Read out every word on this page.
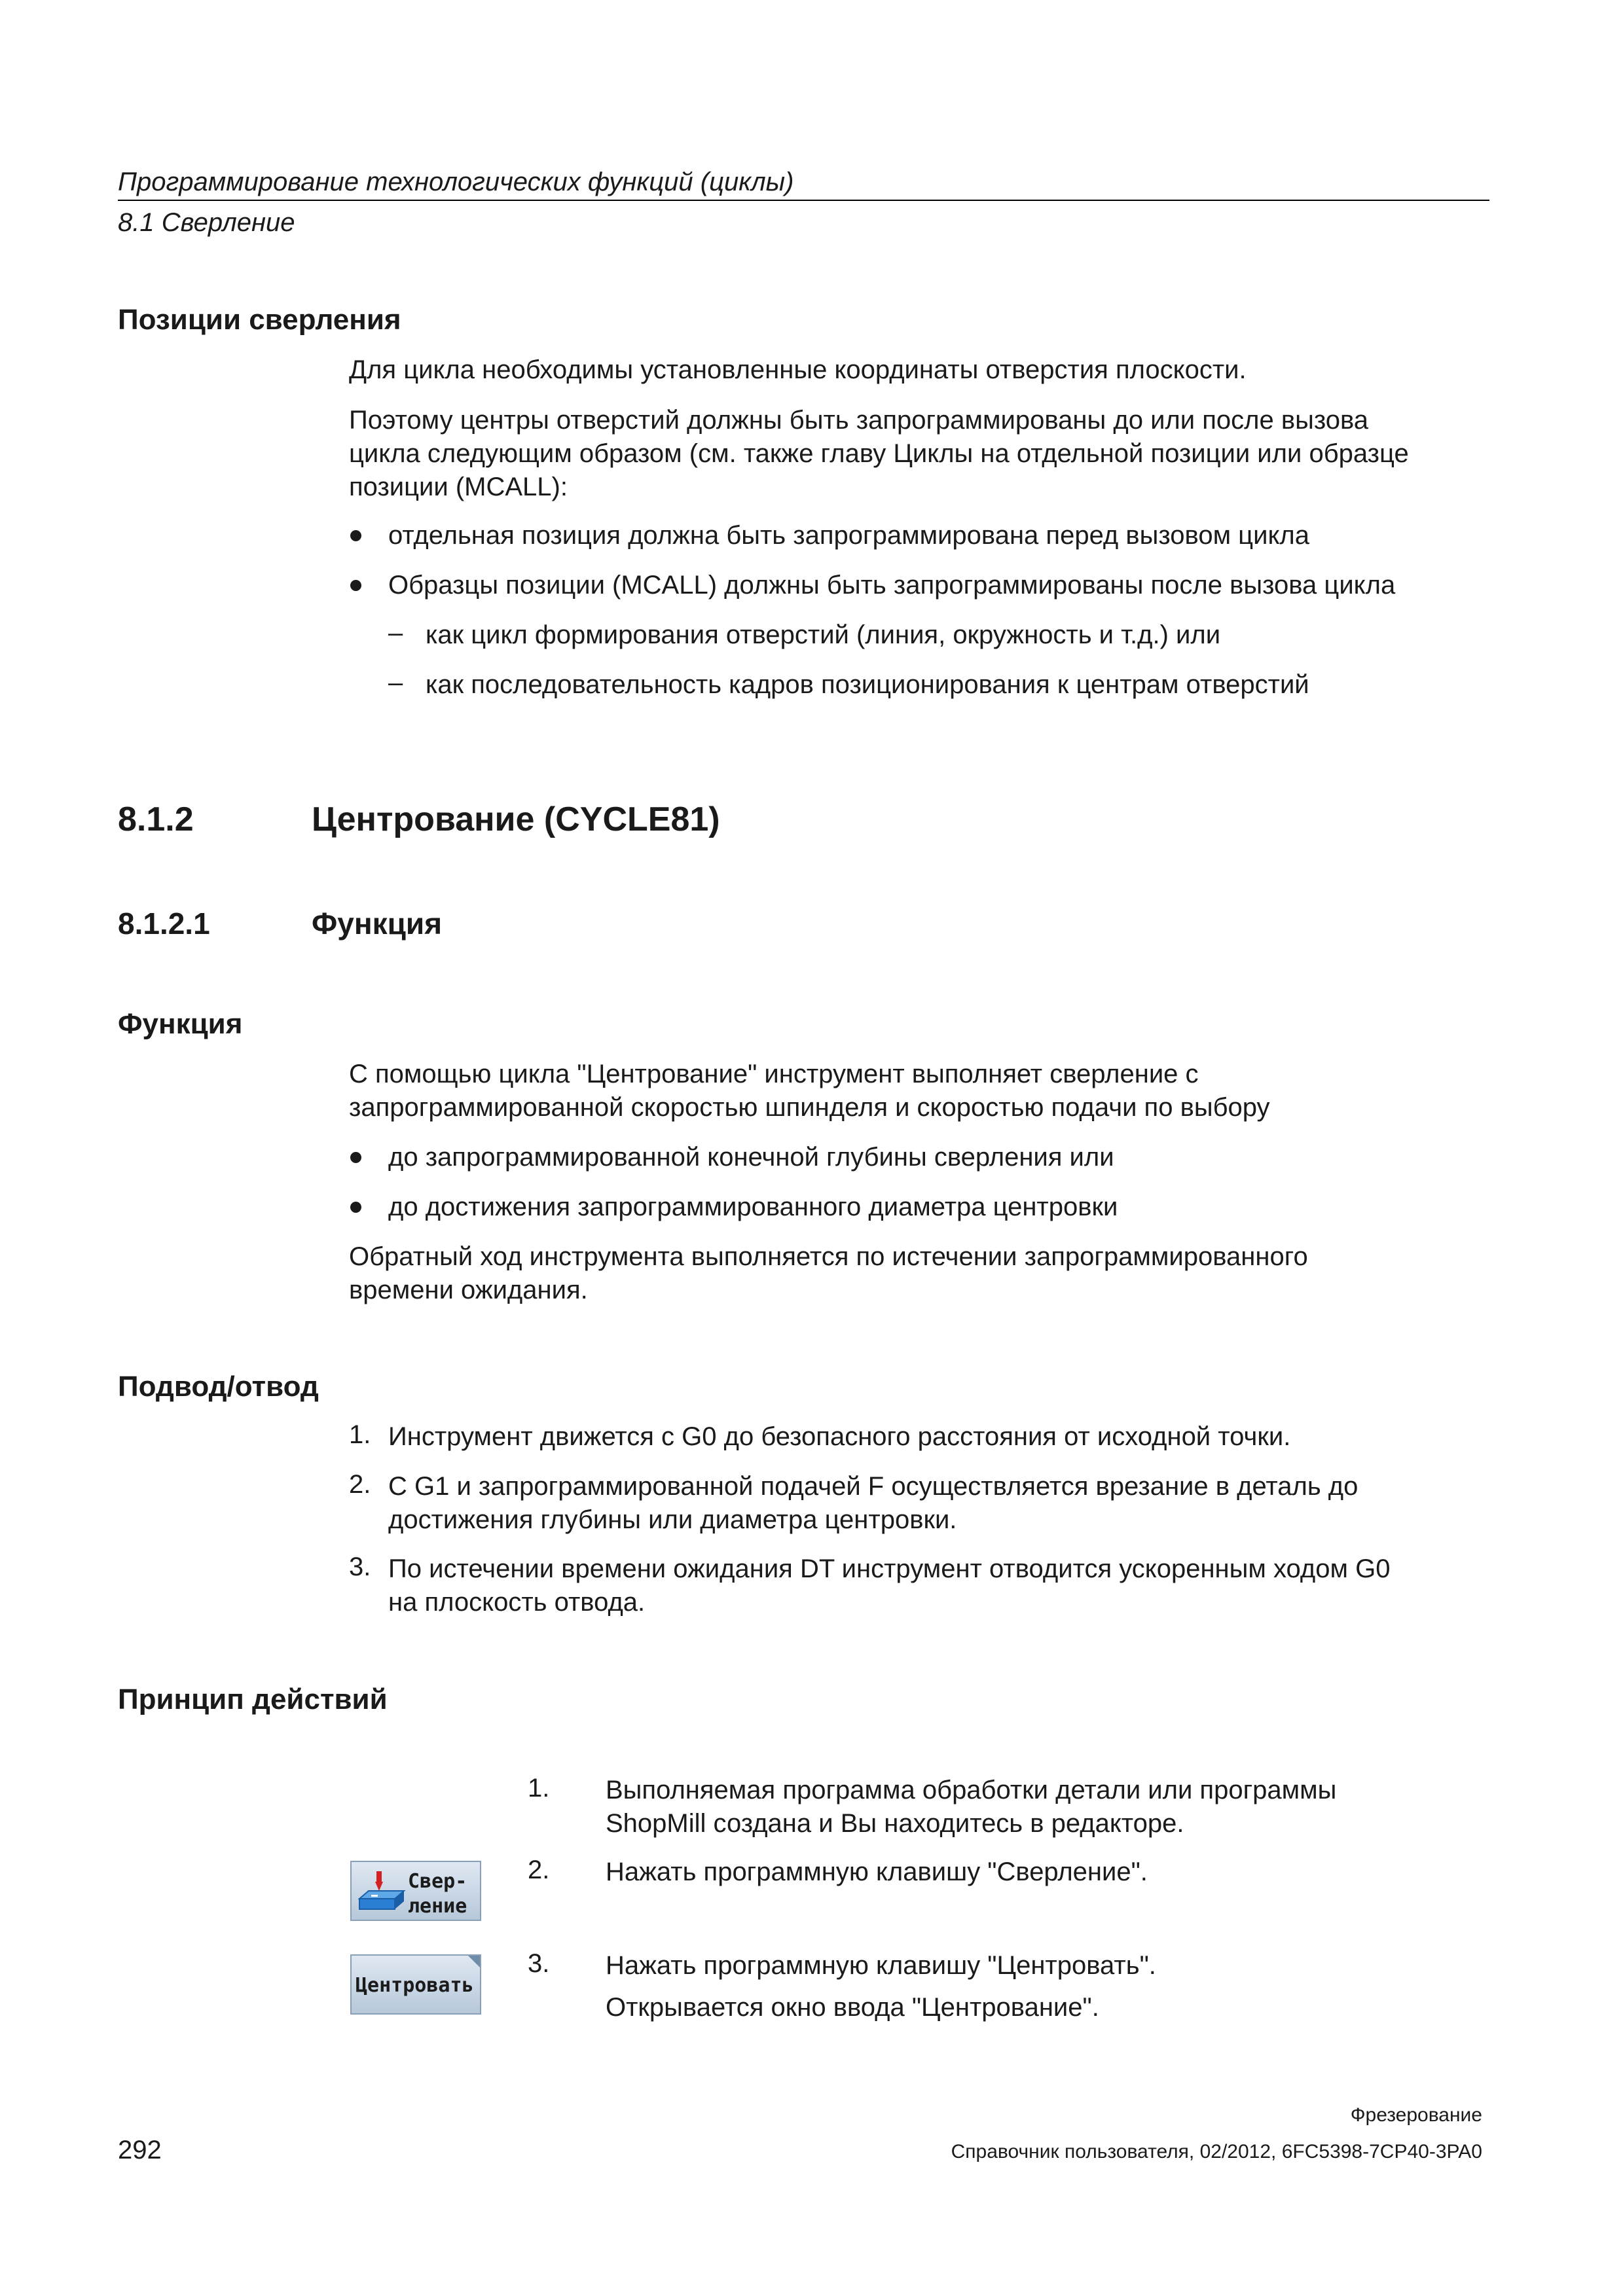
Программирование технологических функций (циклы)
8.1 Сверление
Позиции сверления
Для цикла необходимы установленные координаты отверстия плоскости.
Поэтому центры отверстий должны быть запрограммированы до или после вызова
цикла следующим образом (см. также главу Циклы на отдельной позиции или образце
позиции (MCALL):
отдельная позиция должна быть запрограммирована перед вызовом цикла
Образцы позиции (MCALL) должны быть запрограммированы после вызова цикла
– как цикл формирования отверстий (линия, окружность и т.д.) или
– как последовательность кадров позиционирования к центрам отверстий
8.1.2	Центрование (CYCLE81)
8.1.2.1	Функция
Функция
С помощью цикла "Центрование" инструмент выполняет сверление с
запрограммированной скоростью шпинделя и скоростью подачи по выбору
до запрограммированной конечной глубины сверления или
до достижения запрограммированного диаметра центровки
Обратный ход инструмента выполняется по истечении запрограммированного
времени ожидания.
Подвод/отвод
1. Инструмент движется с G0 до безопасного расстояния от исходной точки.
2. С G1 и запрограммированной подачей F осуществляется врезание в деталь до
достижения глубины или диаметра центровки.
3. По истечении времени ожидания DT инструмент отводится ускоренным ходом G0
на плоскость отвода.
Принцип действий
1. Выполняемая программа обработки детали или программы
ShopMill создана и Вы находитесь в редакторе.
Свер-
ление
2. Нажать программную клавишу "Сверление".
Центровать
3. Нажать программную клавишу "Центровать".
Открывается окно ввода "Центрование".
Фрезерование
292	Справочник пользователя, 02/2012, 6FC5398-7CP40-3PA0
